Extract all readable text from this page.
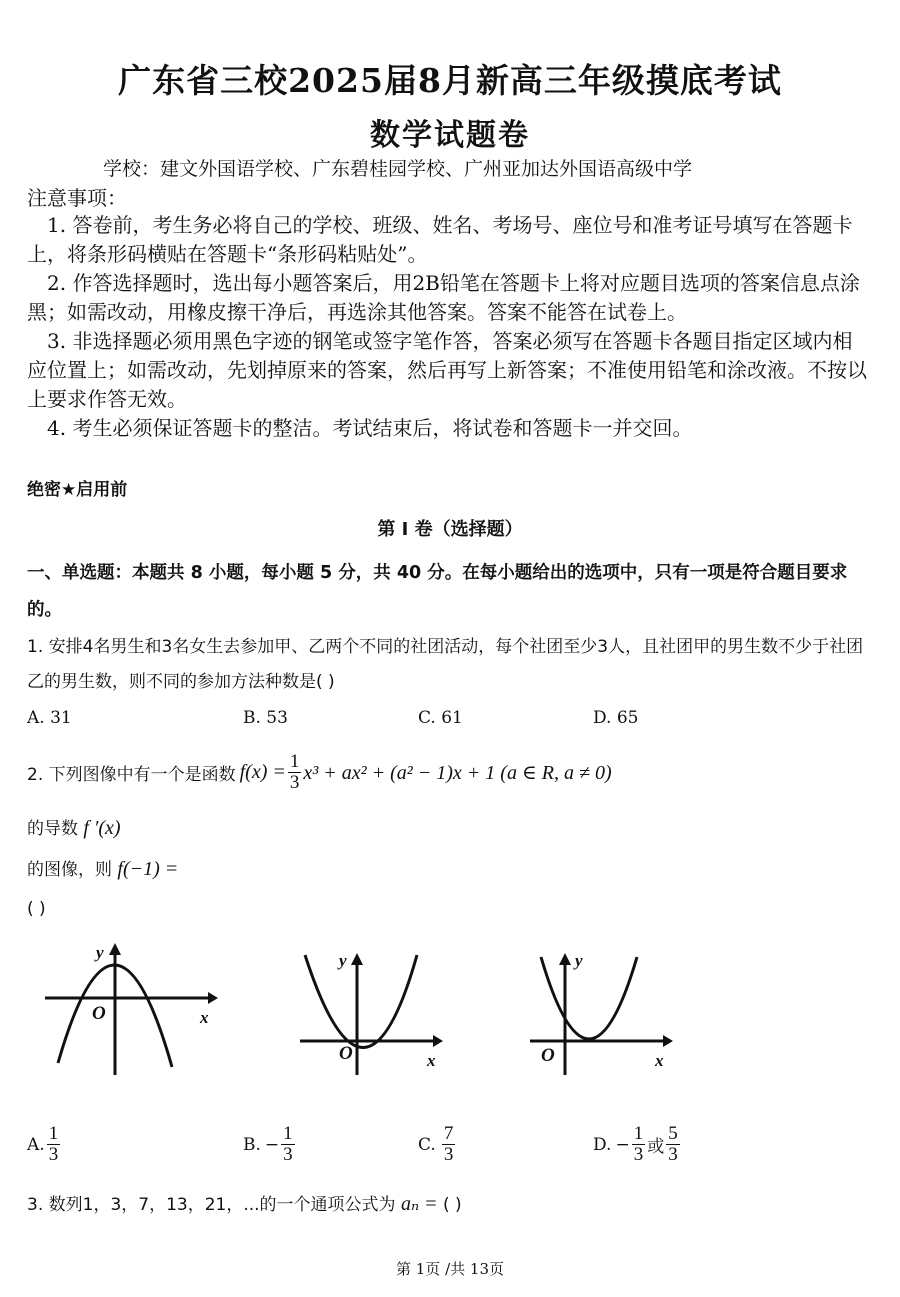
广东省三校2025届8月新高三年级摸底考试
数学试题卷
学校：建文外国语学校、广东碧桂园学校、广州亚加达外国语高级中学
注意事项：
1. 答卷前，考生务必将自己的学校、班级、姓名、考场号、座位号和准考证号填写在答题卡上，将条形码横贴在答题卡“条形码粘贴处”。
2. 作答选择题时，选出每小题答案后，用2B铅笔在答题卡上将对应题目选项的答案信息点涂黑；如需改动，用橡皮擦干净后，再选涂其他答案。答案不能答在试卷上。
3. 非选择题必须用黑色字迹的钢笔或签字笔作答，答案必须写在答题卡各题目指定区域内相应位置上；如需改动，先划掉原来的答案，然后再写上新答案；不准使用铅笔和涂改液。不按以上要求作答无效。
4. 考生必须保证答题卡的整洁。考试结束后，将试卷和答题卡一并交回。
绝密★启用前
第 I 卷（选择题）
一、单选题：本题共 8 小题，每小题 5 分，共 40 分。在每小题给出的选项中，只有一项是符合题目要求的。
1. 安排4名男生和3名女生去参加甲、乙两个不同的社团活动，每个社团至少3人，且社团甲的男生数不少于社团乙的男生数，则不同的参加方法种数是( )
A. 31	B. 53	C. 61	D. 65
2. 下列图像中有一个是函数 $f(x) = \frac{1}{3} x^3 + ax^2 + (a^2 - 1)x + 1$ (a ∈ R, a ≠ 0)
的导数 f ′(x)
的图像，则 f(−1) =
( )
y
O	x
y
O	x
y
O	x
A. $\frac{1}{3}$	B. − $\frac{1}{3}$	C. $\frac{7}{3}$	D. − $\frac{1}{3}$ 或 $\frac{5}{3}$
3. 数列1，3，7，13，21，...的一个通项公式为 aₙ = ( )
第 1页 /共 13页
